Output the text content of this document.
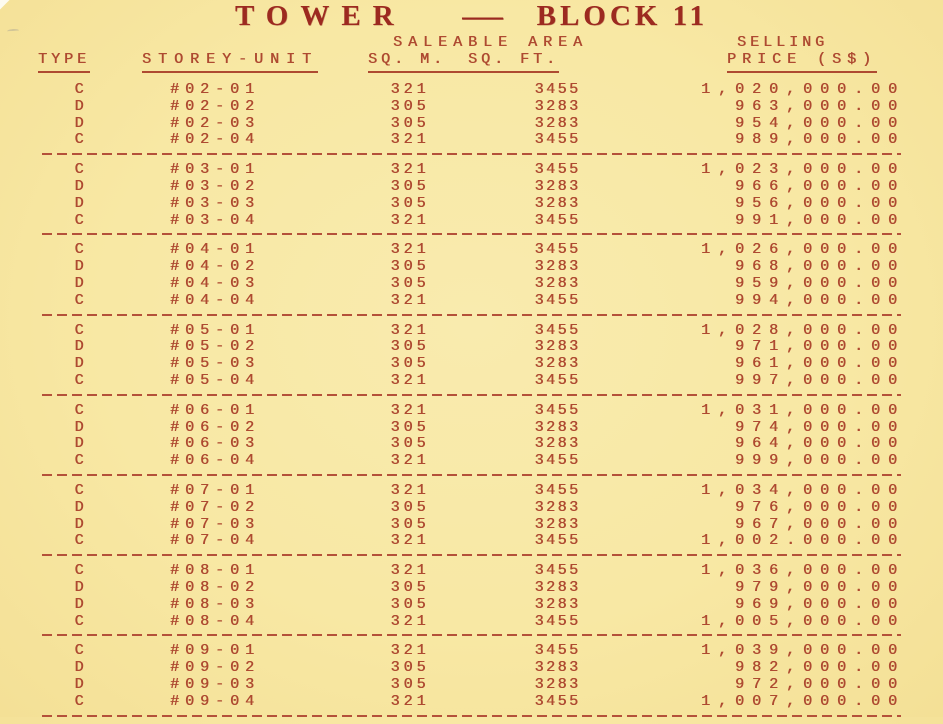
TOWER — BLOCK 11
SALEABLE AREA	SELLING
TYPE	STOREY-UNIT	SQ. M. SQ. FT.	PRICE (S$)
C	#02-01	321	3455	1,020,000.00
D	#02-02	305	3283	963,000.00
D	#02-03	305	3283	954,000.00
C	#02-04	321	3455	989,000.00
C	#03-01	321	3455	1,023,000.00
D	#03-02	305	3283	966,000.00
D	#03-03	305	3283	956,000.00
C	#03-04	321	3455	991,000.00
C	#04-01	321	3455	1,026,000.00
D	#04-02	305	3283	968,000.00
D	#04-03	305	3283	959,000.00
C	#04-04	321	3455	994,000.00
C	#05-01	321	3455	1,028,000.00
D	#05-02	305	3283	971,000.00
D	#05-03	305	3283	961,000.00
C	#05-04	321	3455	997,000.00
C	#06-01	321	3455	1,031,000.00
D	#06-02	305	3283	974,000.00
D	#06-03	305	3283	964,000.00
C	#06-04	321	3455	999,000.00
C	#07-01	321	3455	1,034,000.00
D	#07-02	305	3283	976,000.00
D	#07-03	305	3283	967,000.00
C	#07-04	321	3455	1,002.000.00
C	#08-01	321	3455	1,036,000.00
D	#08-02	305	3283	979,000.00
D	#08-03	305	3283	969,000.00
C	#08-04	321	3455	1,005,000.00
C	#09-01	321	3455	1,039,000.00
D	#09-02	305	3283	982,000.00
D	#09-03	305	3283	972,000.00
C	#09-04	321	3455	1,007,000.00
